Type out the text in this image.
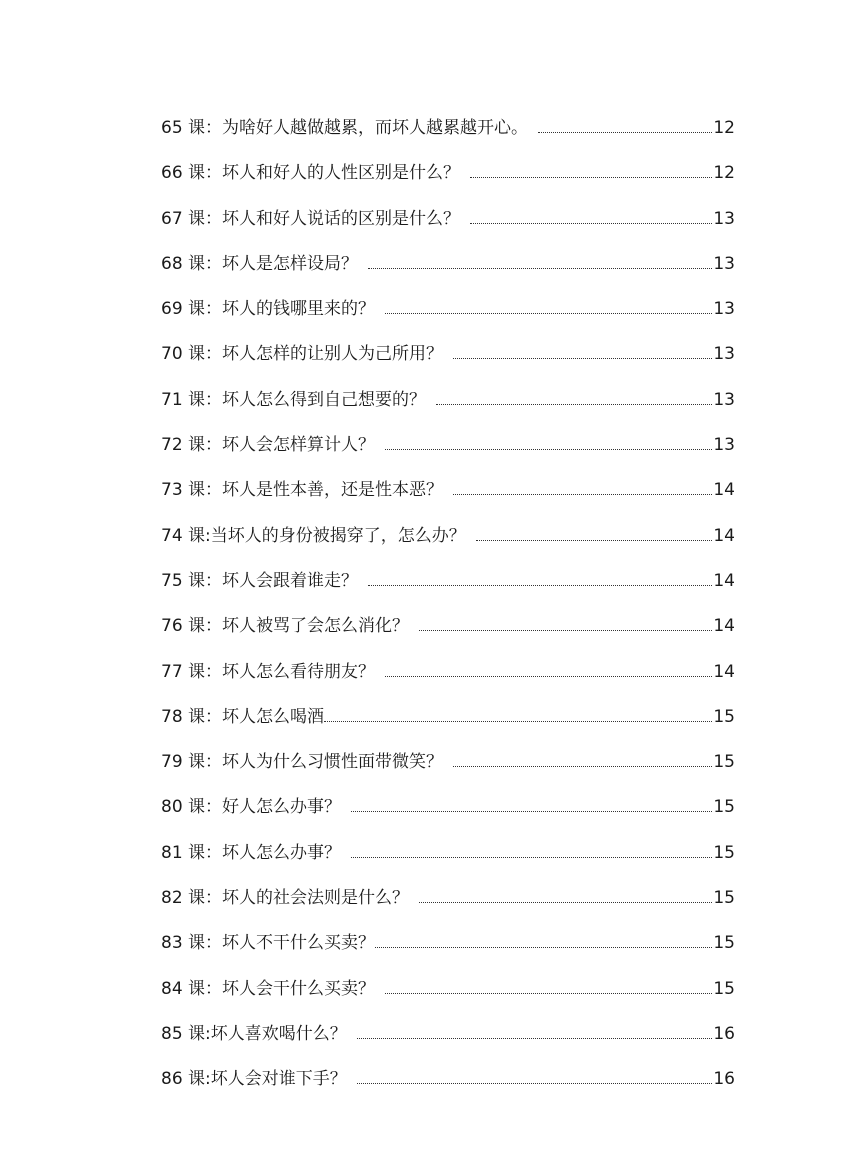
65 课：为啥好人越做越累，而坏人越累越开心。	12
66 课：坏人和好人的人性区别是什么？	12
67 课：坏人和好人说话的区别是什么？	13
68 课：坏人是怎样设局？	13
69 课：坏人的钱哪里来的？	13
70 课：坏人怎样的让别人为己所用？	13
71 课：坏人怎么得到自己想要的？	13
72 课：坏人会怎样算计人？	13
73 课：坏人是性本善，还是性本恶？	14
74 课:当坏人的身份被揭穿了，怎么办？	14
75 课：坏人会跟着谁走？	14
76 课：坏人被骂了会怎么消化？	14
77 课：坏人怎么看待朋友？	14
78 课：坏人怎么喝酒	15
79 课：坏人为什么习惯性面带微笑？	15
80 课：好人怎么办事？	15
81 课：坏人怎么办事？	15
82 课：坏人的社会法则是什么？	15
83 课：坏人不干什么买卖？	15
84 课：坏人会干什么买卖？	15
85 课:坏人喜欢喝什么？	16
86 课:坏人会对谁下手？	16
